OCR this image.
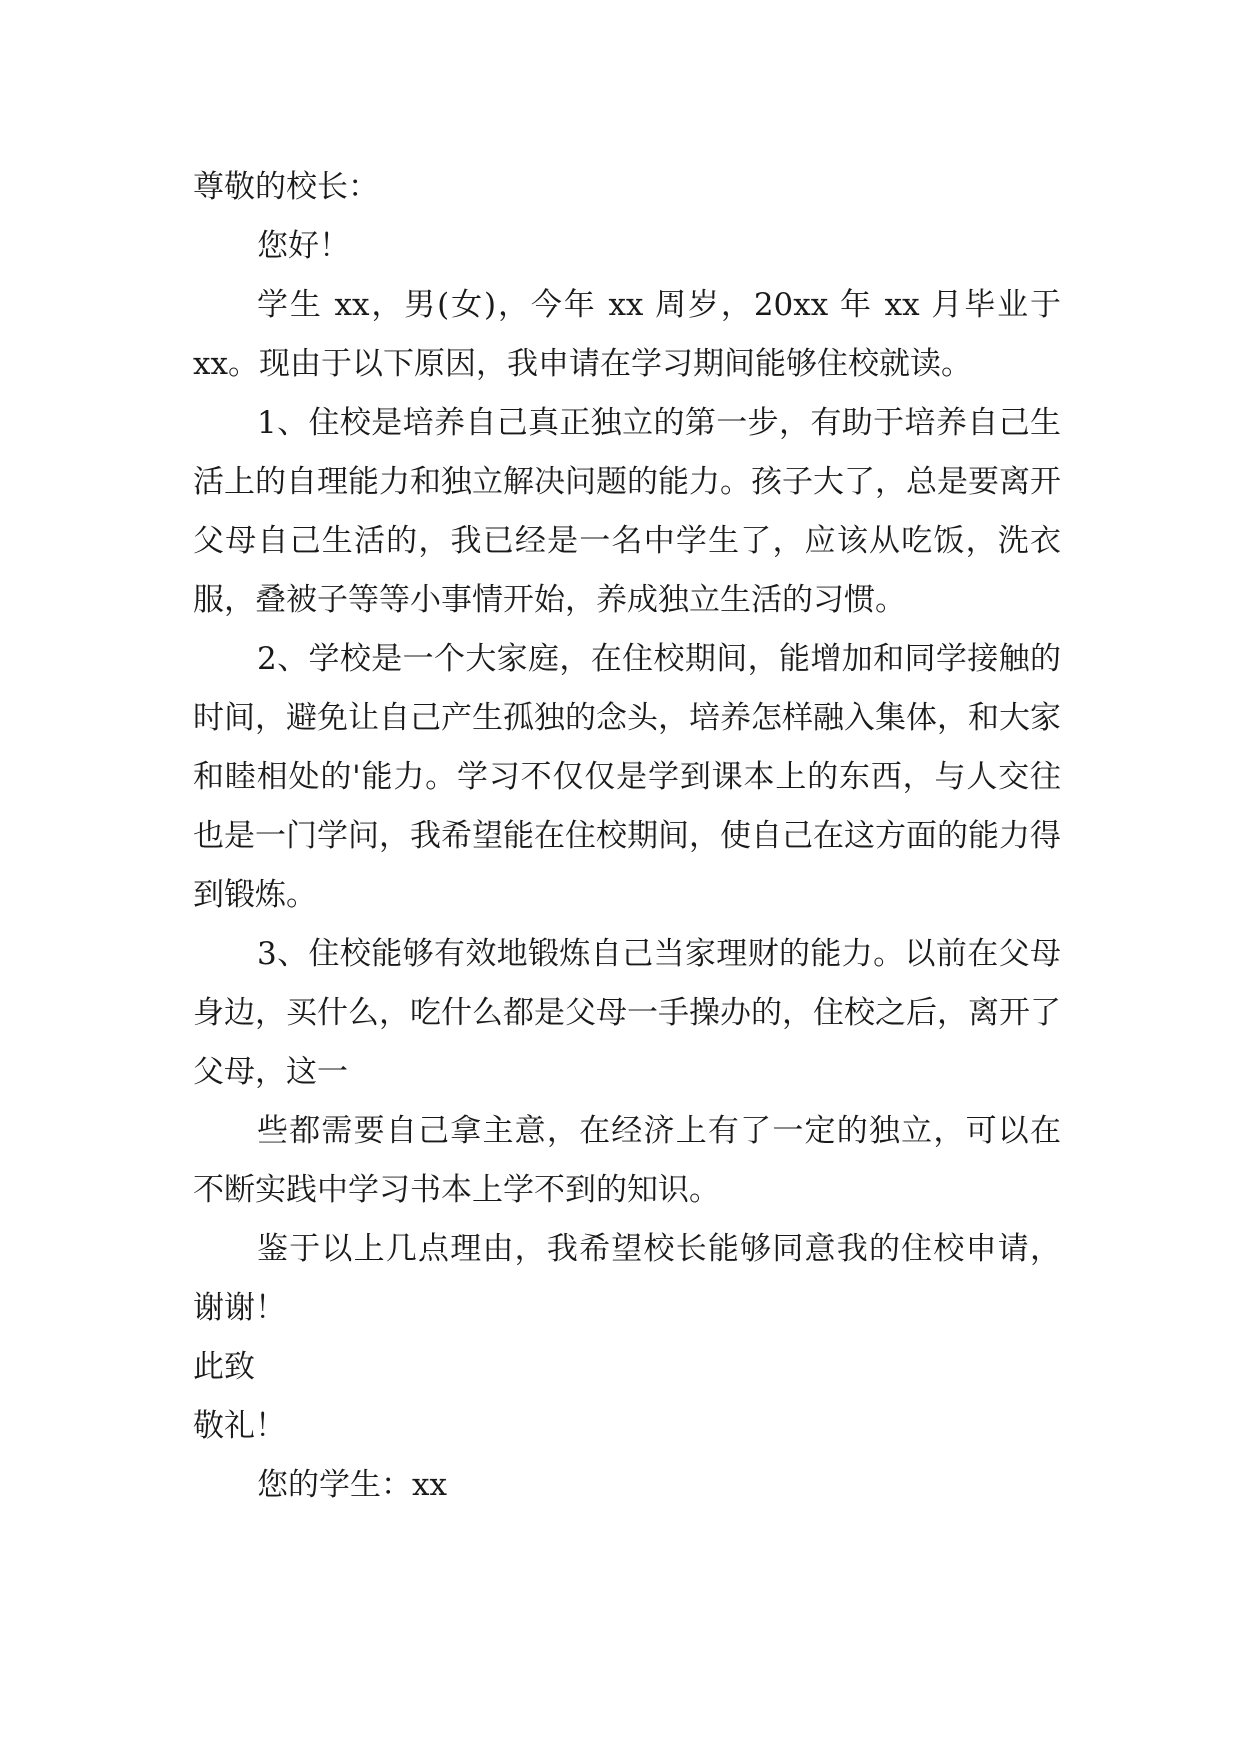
尊敬的校长：

您好！

学生 xx，男(女)，今年 xx 周岁，20xx 年 xx 月毕业于 xx。现由于以下原因，我申请在学习期间能够住校就读。

1、住校是培养自己真正独立的第一步，有助于培养自己生活上的自理能力和独立解决问题的能力。孩子大了，总是要离开父母自己生活的，我已经是一名中学生了，应该从吃饭，洗衣服，叠被子等等小事情开始，养成独立生活的习惯。

2、学校是一个大家庭，在住校期间，能增加和同学接触的时间，避免让自己产生孤独的念头，培养怎样融入集体，和大家和睦相处的'能力。学习不仅仅是学到课本上的东西，与人交往也是一门学问，我希望能在住校期间，使自己在这方面的能力得到锻炼。

3、住校能够有效地锻炼自己当家理财的能力。以前在父母身边，买什么，吃什么都是父母一手操办的，住校之后，离开了父母，这一

些都需要自己拿主意，在经济上有了一定的独立，可以在不断实践中学习书本上学不到的知识。

鉴于以上几点理由，我希望校长能够同意我的住校申请，谢谢！

此致

敬礼！

您的学生：xx
